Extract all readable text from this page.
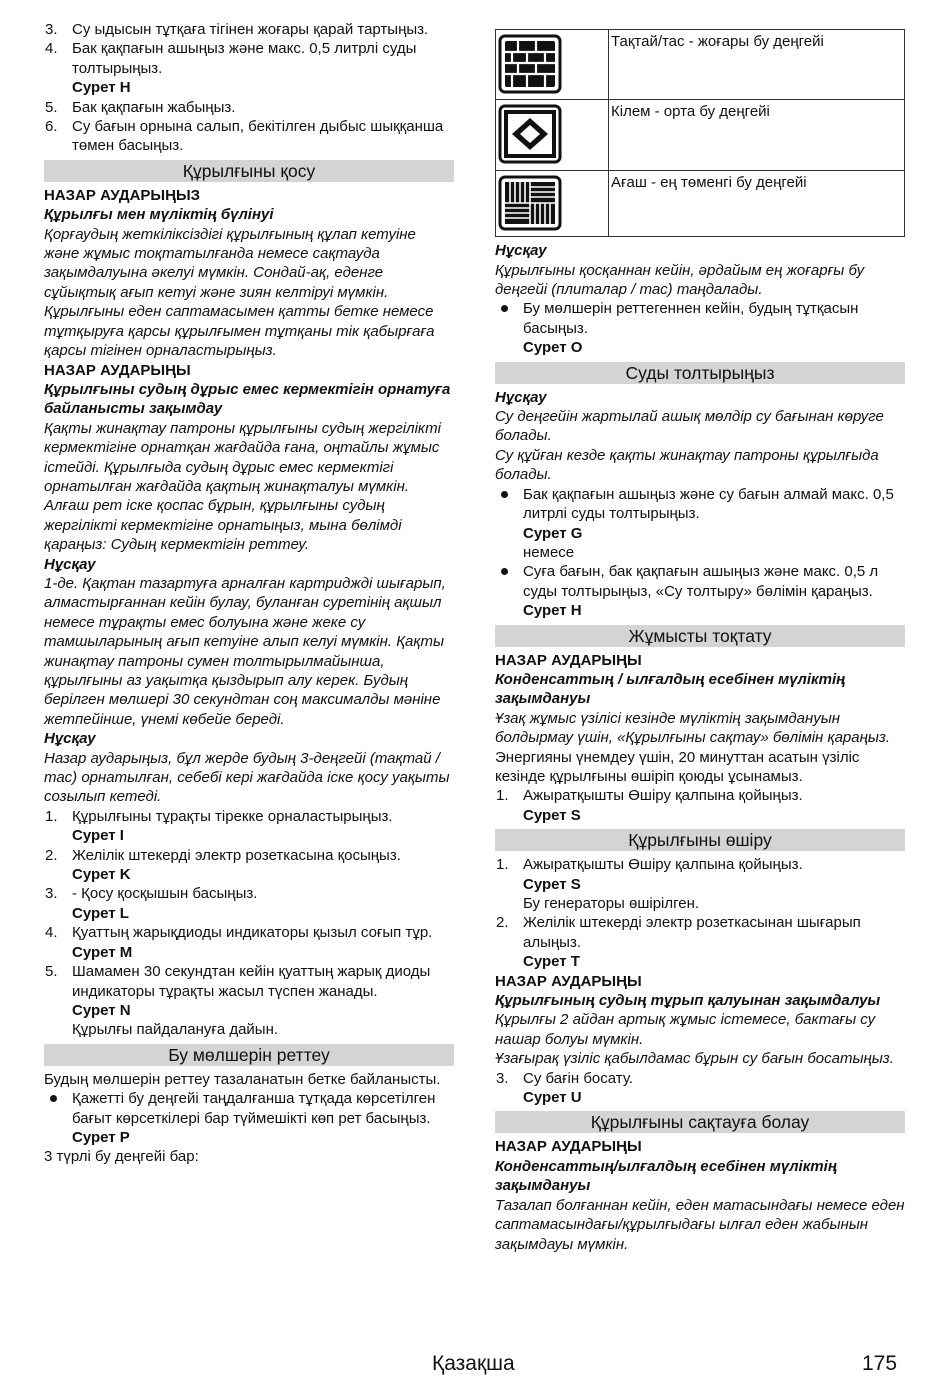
3. Су ыдысын тұтқаға тігінен жоғары қарай тартыңыз.
4. Бак қақпағын ашыңыз және макс. 0,5 литрлі суды толтырыңыз.
Сурет H
5. Бак қақпағын жабыңыз.
6. Су бағын орнына салып, бекітілген дыбыс шыққанша төмен басыңыз.
Құрылғыны қосу
НАЗАР АУДАРЫҢЫЗ
Құрылғы мен мүліктің бүлінуі
Қорғаудың жеткіліксіздігі құрылғының құлап кетуіне және жұмыс тоқтатылғанда немесе сақтауда зақымдалуына әкелуі мүмкін. Сондай-ақ, еденге сұйықтық ағып кетуі және зиян келтіруі мүмкін.
Құрылғыны еден саптамасымен қатты бетке немесе тұтқыруға қарсы құрылғымен тұтқаны тік қабырғаға қарсы тігінен орналастырыңыз.
НАЗАР АУДАРЫҢЫ
Құрылғыны судың дұрыс емес кермектігін орнатуға байланысты зақымдау
Қақты жинақтау патроны құрылғыны судың жергілікті кермектігіне орнатқан жағдайда ғана, оңтайлы жұмыс істейді. Құрылғыда судың дұрыс емес кермектігі орнатылған жағдайда қақтың жинақталуы мүмкін.
Алғаш рет іске қоспас бұрын, құрылғыны судың жергілікті кермектігіне орнатыңыз, мына бөлімді қараңыз: Судың кермектігін реттеу.
Нұсқау
1-де. Қақтан тазартуға арналған картриджді шығарып, алмастырғаннан кейін булау, буланған суретінің ақшыл немесе тұрақты емес болуына және жеке су тамшыларының ағып кетуіне алып келуі мүмкін. Қақты жинақтау патроны сумен толтырылмайынша, құрылғыны аз уақытқа қыздырып алу керек. Будың берілген мөлшері 30 секундтан соң максималды мәніне жетпейінше, үнемі көбейе береді.
Нұсқау
Назар аударыңыз, бұл жерде будың 3-деңгейі (тақтай / тас) орнатылған, себебі кері жағдайда іске қосу уақыты созылып кетеді.
1. Құрылғыны тұрақты тірекке орналастырыңыз.
Сурет I
2. Желілік штекерді электр розеткасына қосыңыз.
Сурет K
3. - Қосу қосқышын басыңыз.
Сурет L
4. Қуаттың жарықдиоды индикаторы қызыл соғып тұр.
Сурет M
5. Шамамен 30 секундтан кейін қуаттың жарық диоды индикаторы тұрақты жасыл түспен жанады.
Сурет N
Құрылғы пайдалануға дайын.
Бу мөлшерін реттеу
Будың мөлшерін реттеу тазаланатын бетке байланысты.
Қажетті бу деңгейі таңдалғанша тұтқада көрсетілген бағыт көрсеткілері бар түймешікті көп рет басыңыз.
Сурет P
3 түрлі бу деңгейі бар:
	Тақтай/тас - жоғары бу деңгейі
	Кілем - орта бу деңгейі
	Ағаш - ең төменгі бу деңгейі
Нұсқау
Құрылғыны қосқаннан кейін, әрдайым ең жоғарғы бу деңгейі (плиталар / тас) таңдалады.
Бу мөлшерін реттегеннен кейін, будың тұтқасын басыңыз.
Сурет O
Суды толтырыңыз
Нұсқау
Су деңгейін жартылай ашық мөлдір су бағынан көруге болады.
Су құйған кезде қақты жинақтау патроны құрылғыда болады.
Бак қақпағын ашыңыз және су бағын алмай макс. 0,5 литрлі суды толтырыңыз.
Сурет G
немесе
Суға бағын, бак қақпағын ашыңыз және макс. 0,5 л суды толтырыңыз, «Су толтыру» бөлімін қараңыз.
Сурет H
Жұмысты тоқтату
НАЗАР АУДАРЫҢЫ
Конденсаттың / ылғалдың есебінен мүліктің зақымдануы
Ұзақ жұмыс үзілісі кезінде мүліктің зақымдануын болдырмау үшін, «Құрылғыны сақтау» бөлімін қараңыз.
Энергияны үнемдеу үшін, 20 минуттан асатын үзіліс кезінде құрылғыны өшіріп қоюды ұсынамыз.
1. Ажыратқышты Өшіру қалпына қойыңыз.
Сурет S
Құрылғыны өшіру
1. Ажыратқышты Өшіру қалпына қойыңыз.
Сурет S
Бу генераторы өшірілген.
2. Желілік штекерді электр розеткасынан шығарып алыңыз.
Сурет T
НАЗАР АУДАРЫҢЫ
Құрылғының судың тұрып қалуынан зақымдалуы
Құрылғы 2 айдан артық жұмыс істемесе, бактағы су нашар болуы мүмкін.
Ұзағырақ үзіліс қабылдамас бұрын су бағын босатыңыз.
3. Су бағін босату.
Сурет U
Құрылғыны сақтауға болау
НАЗАР АУДАРЫҢЫ
Конденсаттың/ылғалдың есебінен мүліктің зақымдануы
Тазалап болғаннан кейін, еден матасындағы немесе еден саптамасындағы/құрылғыдағы ылғал еден жабынын зақымдауы мүмкін.
Қазақша	175
